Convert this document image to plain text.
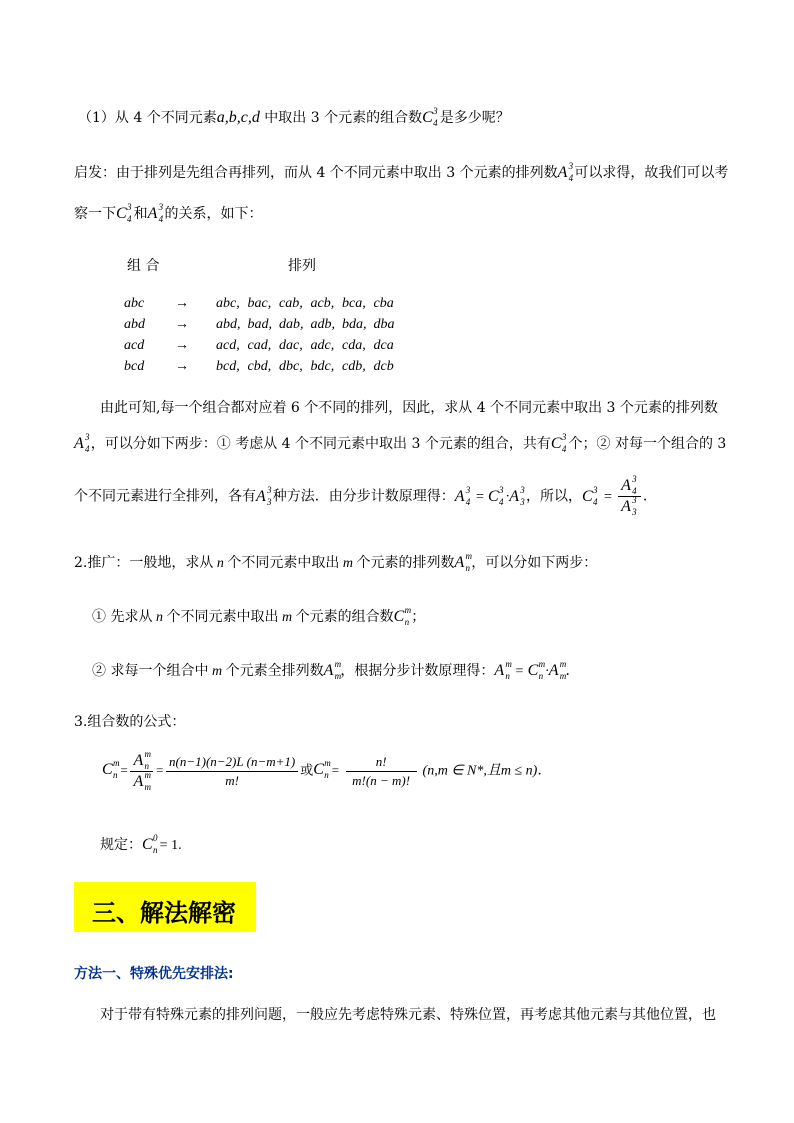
（1）从 4 个不同元素a,b,c,d 中取出 3 个元素的组合数C 3
4 是多少呢？
启发：由于排列是先组合再排列，而从 4 个不同元素中取出 3 个元素的排列数A 3
4 可以求得，故我们可以考
察一下C 3
4 和A 3
4 的关系，如下：
组 合	排列
abc	→	abc,	bac,	cab,	acb,	bca,	cba
abd	→	abd,	bad,	dab,	adb,	bda,	dba
acd	→	acd,	cad,	dac,	adc,	cda,	dca
bcd	→	bcd,	cbd,	dbc,	bdc,	cdb,	dcb
由此可知,每一个组合都对应着 6 个不同的排列，因此，求从 4 个不同元素中取出 3 个元素的排列数
A 3
4 ，可以分如下两步：① 考虑从 4 个不同元素中取出 3 个元素的组合，共有C 3
4 个；② 对每一个组合的 3
个不同元素进行全排列，各有A 3
3 种方法．由分步计数原理得：A 3
4 = C 3
4 ·A 3
3 ，所以，C 3
4 = A 3
4
A 3
3 ．
2.推广：一般地，求从 n 个不同元素中取出 m 个元素的排列数A m
n ，可以分如下两步：
① 先求从 n 个不同元素中取出 m 个元素的组合数C m
n ；
② 求每一个组合中 m 个元素全排列数A m
m ，根据分步计数原理得：A m
n = C m
n ·A m
m ．
3.组合数的公式：
C m
n = A m
n
A m
$m = \frac{n(n-1)(n-2)L (n-m+1)}{m!}$ 或C m
$n = \frac{n!}{m!(n - m)!} (n,m$ ∈ N*,且m ≤ n)．
规定：C 0
n = 1.
三、解法解密
方法一、特殊优先安排法:
对于带有特殊元素的排列问题，一般应先考虑特殊元素、特殊位置，再考虑其他元素与其他位置，也
